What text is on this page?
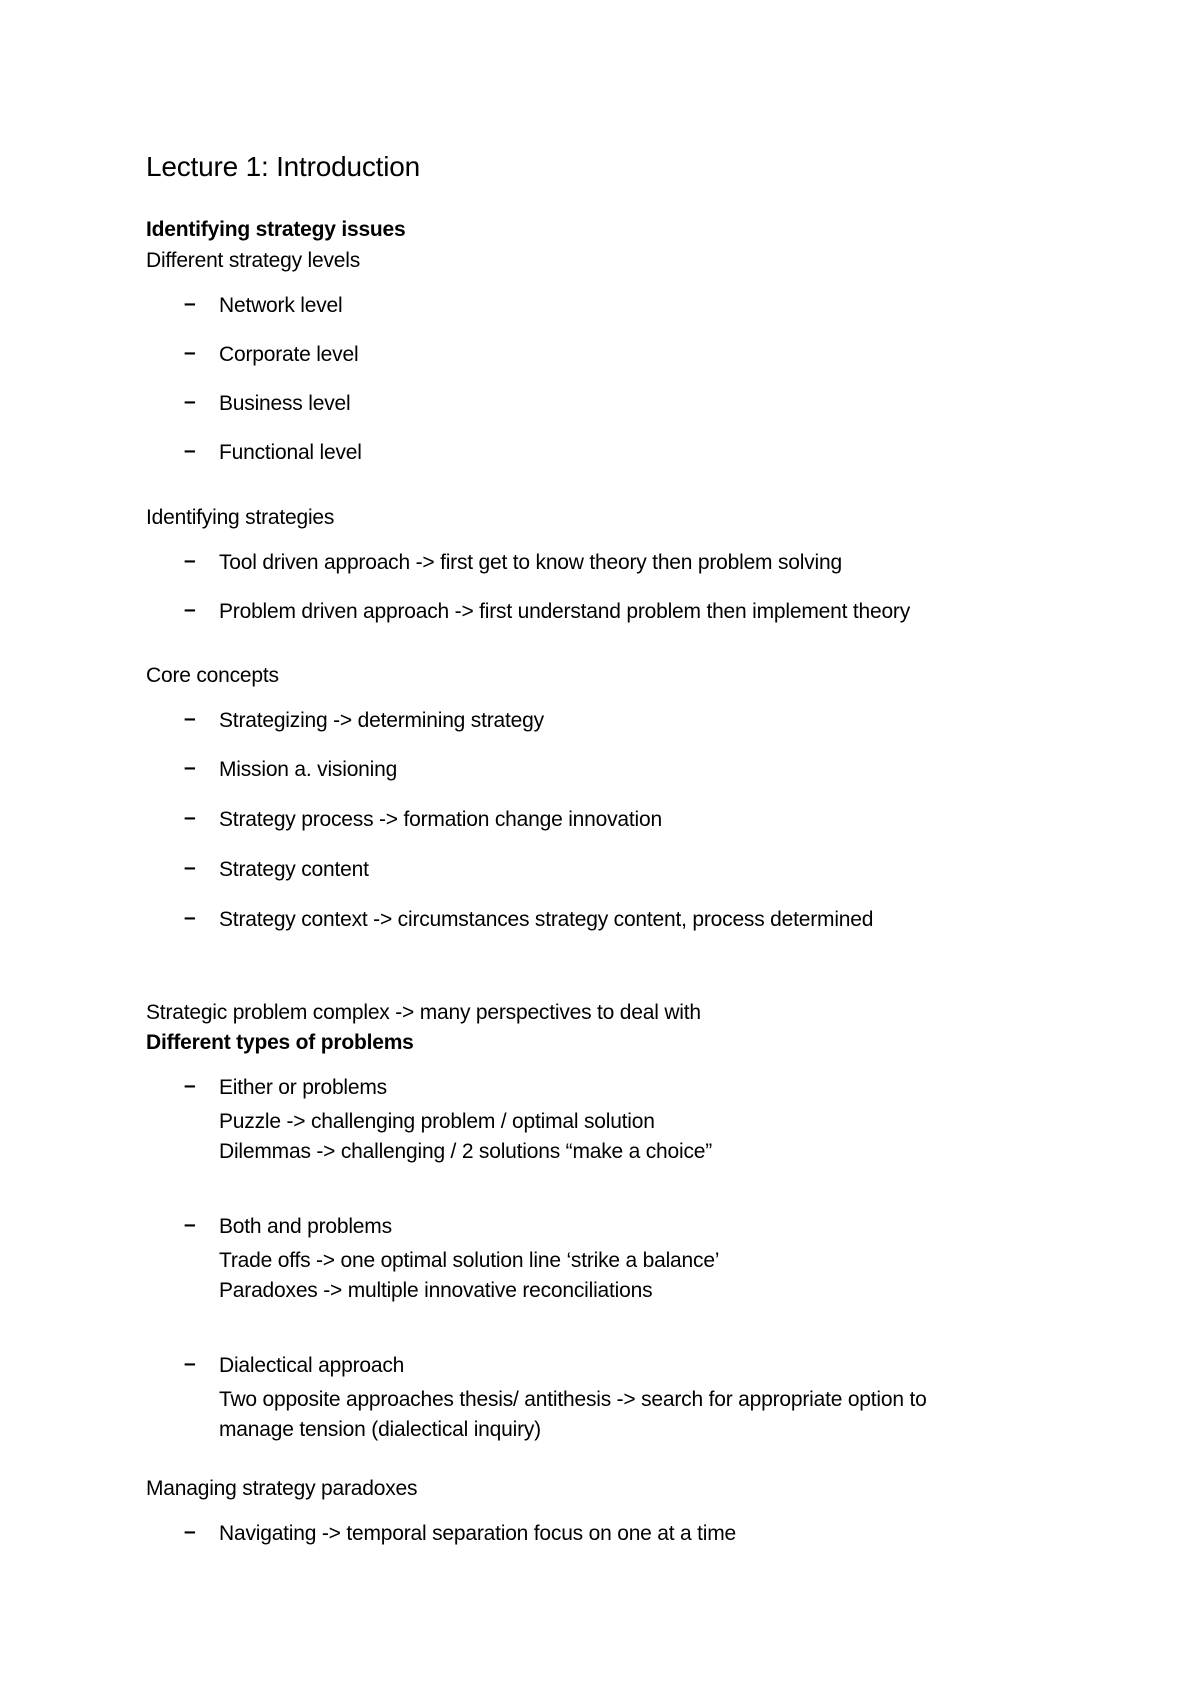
Lecture 1: Introduction
Identifying strategy issues
Different strategy levels
–	Network level
–	Corporate level
–	Business level
–	Functional level
Identifying strategies
–	Tool driven approach -> first get to know theory then problem solving
–	Problem driven approach -> first understand problem then implement theory
Core concepts
–	Strategizing -> determining strategy
–	Mission a. visioning
–	Strategy process -> formation change innovation
–	Strategy content
–	Strategy context -> circumstances strategy content, process determined
Strategic problem complex -> many perspectives to deal with
Different types of problems
–	Either or problems
Puzzle -> challenging problem / optimal solution
Dilemmas -> challenging / 2 solutions “make a choice”
–	Both and problems
Trade offs -> one optimal solution line ‘strike a balance’
Paradoxes -> multiple innovative reconciliations
–	Dialectical approach
Two opposite approaches thesis/ antithesis -> search for appropriate option to
manage tension (dialectical inquiry)
Managing strategy paradoxes
–	Navigating -> temporal separation focus on one at a time
